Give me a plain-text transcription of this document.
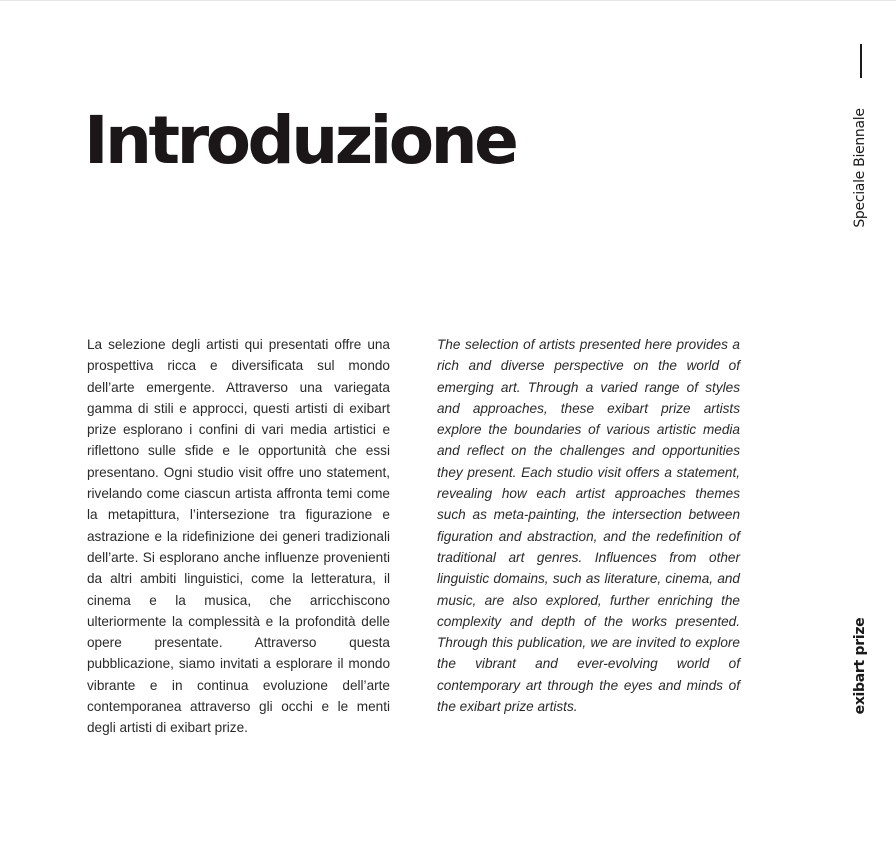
Introduzione

La selezione degli artisti qui presentati offre una prospettiva ricca e diversificata sul mondo dell’arte emergente. Attraverso una variegata gamma di stili e approcci, questi artisti di exibart prize esplorano i confini di vari media artistici e riflettono sulle sfide e le opportunità che essi presentano. Ogni studio visit offre uno statement, rivelando come ciascun artista affronta temi come la metapittura, l’intersezione tra figurazione e astrazione e la ridefinizione dei generi tradizionali dell’arte. Si esplorano anche influenze provenienti da altri ambiti linguistici, come la letteratura, il cinema e la musica, che arricchiscono ulteriormente la complessità e la profondità delle opere presentate. Attraverso questa pubblicazione, siamo invitati a esplorare il mondo vibrante e in continua evoluzione dell’arte contemporanea attraverso gli occhi e le menti degli artisti di exibart prize.

The selection of artists presented here provides a rich and diverse perspective on the world of emerging art. Through a varied range of styles and approaches, these exibart prize artists explore the boundaries of various artistic media and reflect on the challenges and opportunities they present. Each studio visit offers a statement, revealing how each artist approaches themes such as meta-painting, the intersection between figuration and abstraction, and the redefinition of traditional art genres. Influences from other linguistic domains, such as literature, cinema, and music, are also explored, further enriching the complexity and depth of the works presented. Through this publication, we are invited to explore the vibrant and ever-evolving world of contemporary art through the eyes and minds of the exibart prize artists.

Speciale Biennale
exibart prize
